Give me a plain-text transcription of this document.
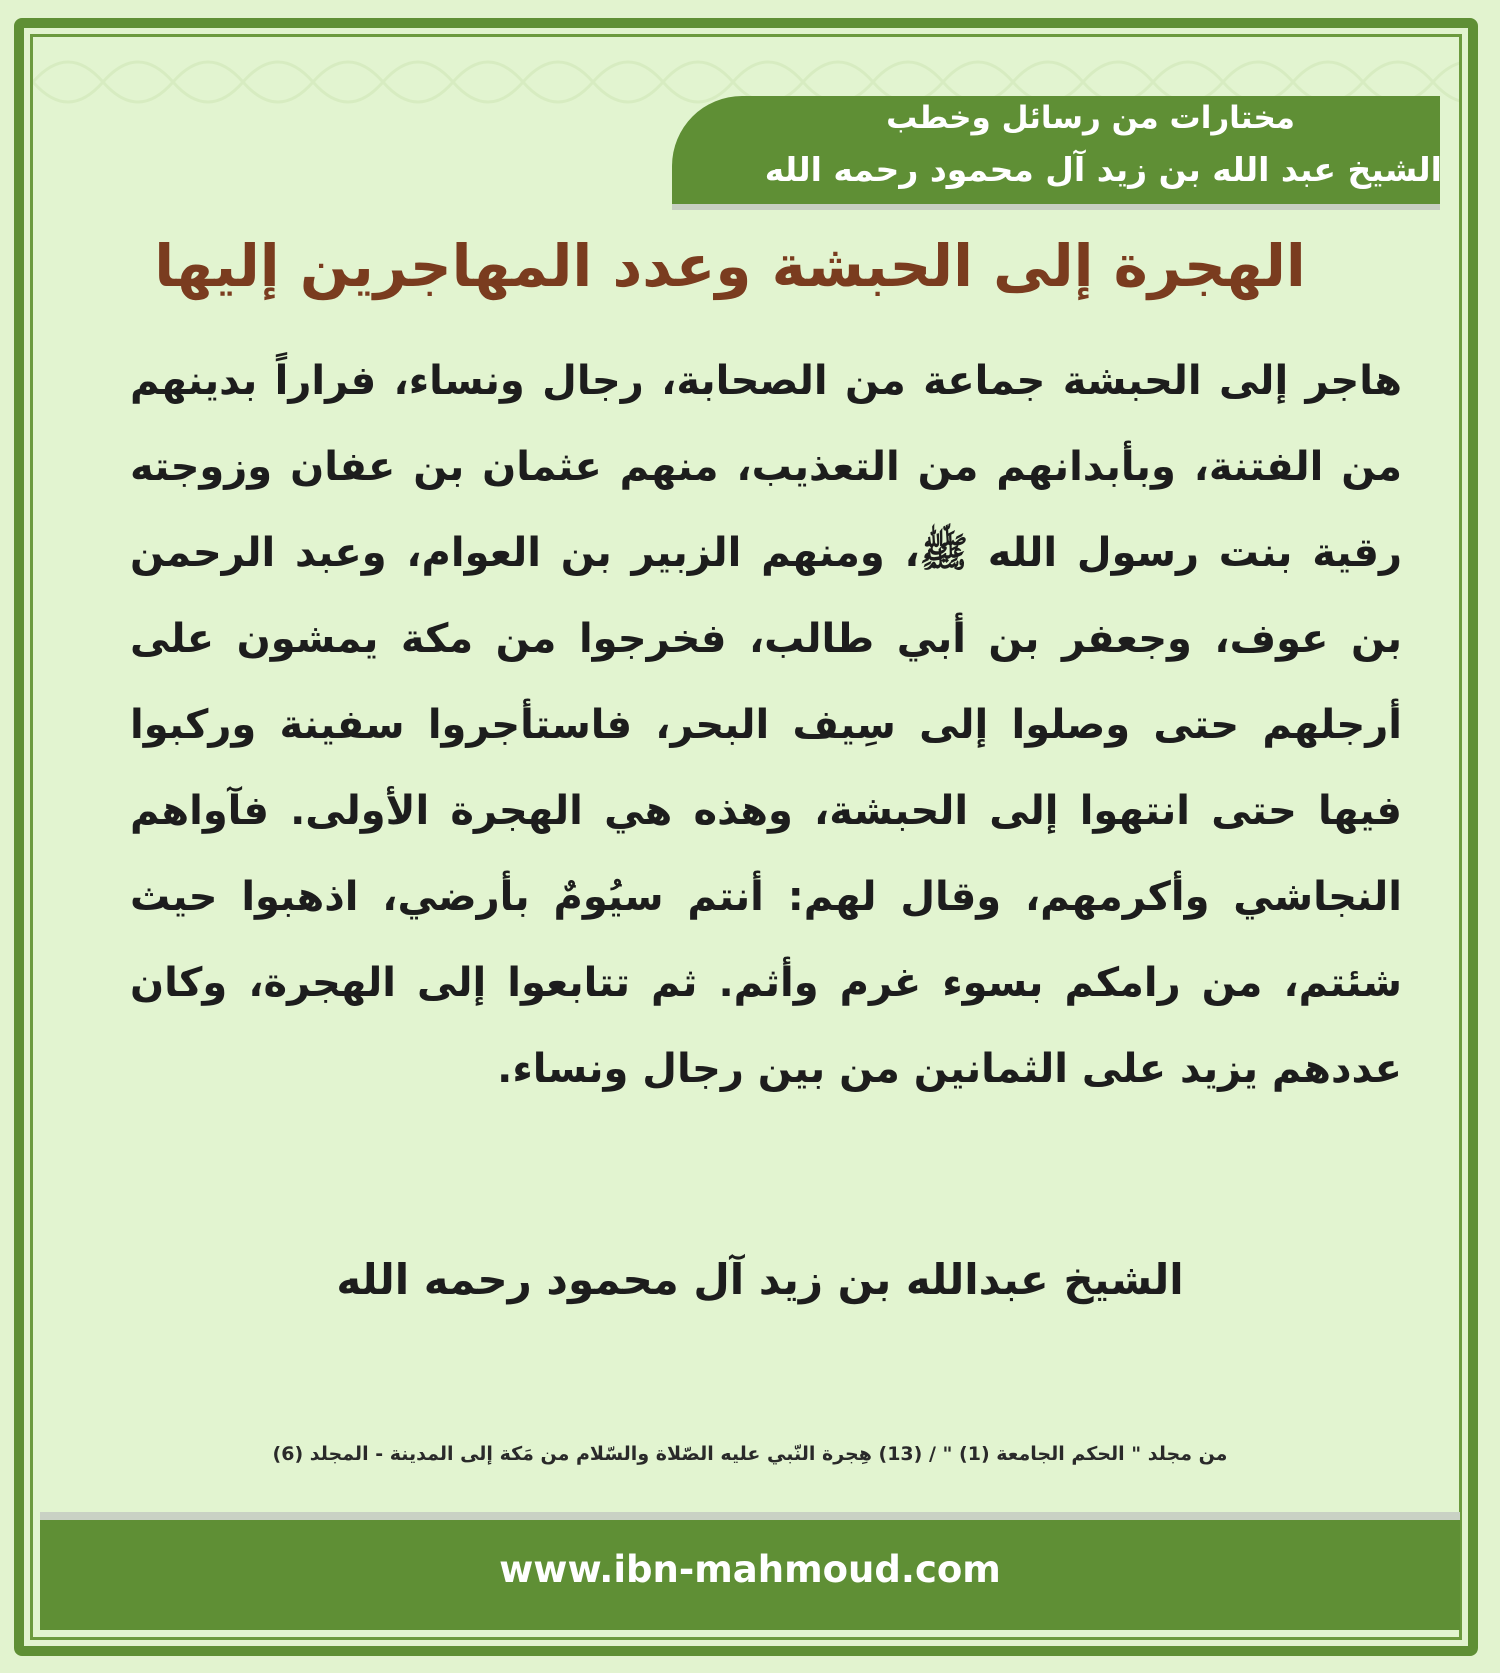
مختارات من رسائل وخطب
الشيخ عبد الله بن زيد آل محمود رحمه الله
الهجرة إلى الحبشة وعدد المهاجرين إليها
هاجر إلى الحبشة جماعة من الصحابة، رجال ونساء، فراراً بدينهم من الفتنة، وبأبدانهم من التعذيب، منهم عثمان بن عفان وزوجته رقية بنت رسول الله ﷺ، ومنهم الزبير بن العوام، وعبد الرحمن بن عوف، وجعفر بن أبي طالب، فخرجوا من مكة يمشون على أرجلهم حتى وصلوا إلى سِيف البحر، فاستأجروا سفينة وركبوا فيها حتى انتهوا إلى الحبشة، وهذه هي الهجرة الأولى. فآواهم النجاشي وأكرمهم، وقال لهم: أنتم سيُومٌ بأرضي، اذهبوا حيث شئتم، من رامكم بسوء غرم وأثم. ثم تتابعوا إلى الهجرة، وكان عددهم يزيد على الثمانين من بين رجال ونساء.
الشيخ عبدالله بن زيد آل محمود رحمه الله
من مجلد " الحكم الجامعة (1) " / (13) هِجرة النّبي عليه الصّلاة والسّلام من مَكة إلى المدينة - المجلد (6)
www.ibn-mahmoud.com
